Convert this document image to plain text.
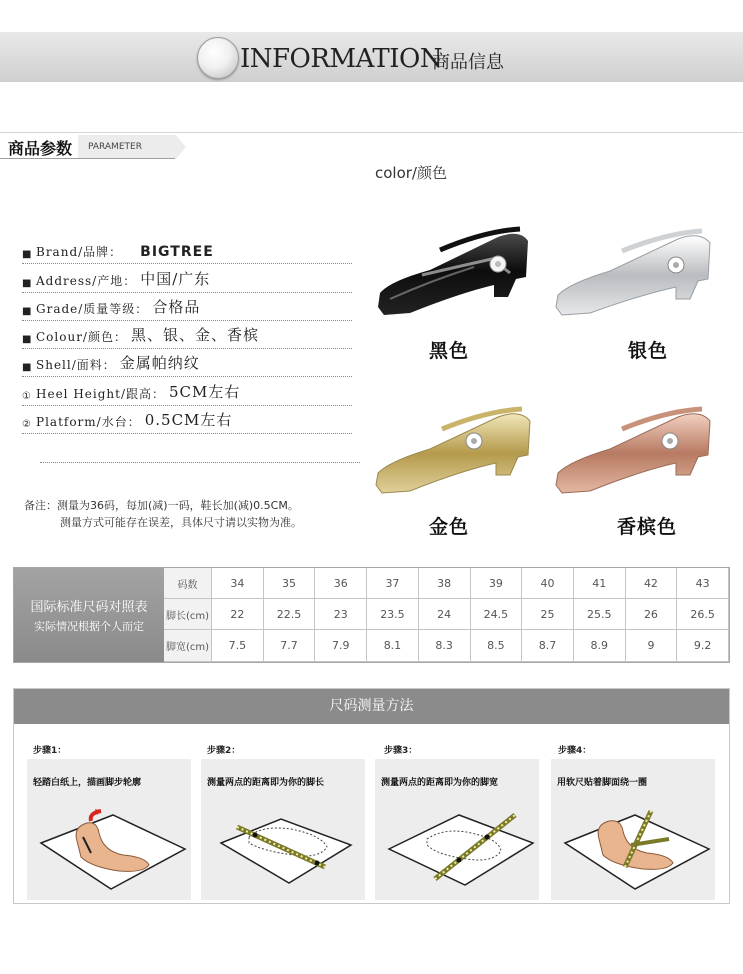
INFORMATION
商品信息
商品参数	PARAMETER
color/颜色
■ Brand/品牌： BIGTREE
■ Address/产地： 中国/广东
■ Grade/质量等级： 合格品
■ Colour/颜色： 黑、银、金、香槟
■ Shell/面料： 金属帕纳纹
① Heel Height/跟高： 5CM左右
② Platform/水台： 0.5CM左右
备注：测量为36码，每加(减)一码，鞋长加(减)0.5CM。
测量方式可能存在误差，具体尺寸请以实物为准。
黑色	银色
金色	香槟色
国际标准尺码对照表
实际情况根据个人而定
码数	34	35	36	37	38	39	40	41	42	43
脚长(cm)	22	22.5	23	23.5	24	24.5	25	25.5	26	26.5
脚宽(cm)	7.5	7.7	7.9	8.1	8.3	8.5	8.7	8.9	9	9.2
尺码测量方法
步骤1：	步骤2：	步骤3：	步骤4：
轻踏白纸上，描画脚步轮廓	测量两点的距离即为你的脚长	测量两点的距离即为你的脚宽	用软尺贴着脚面绕一圈
